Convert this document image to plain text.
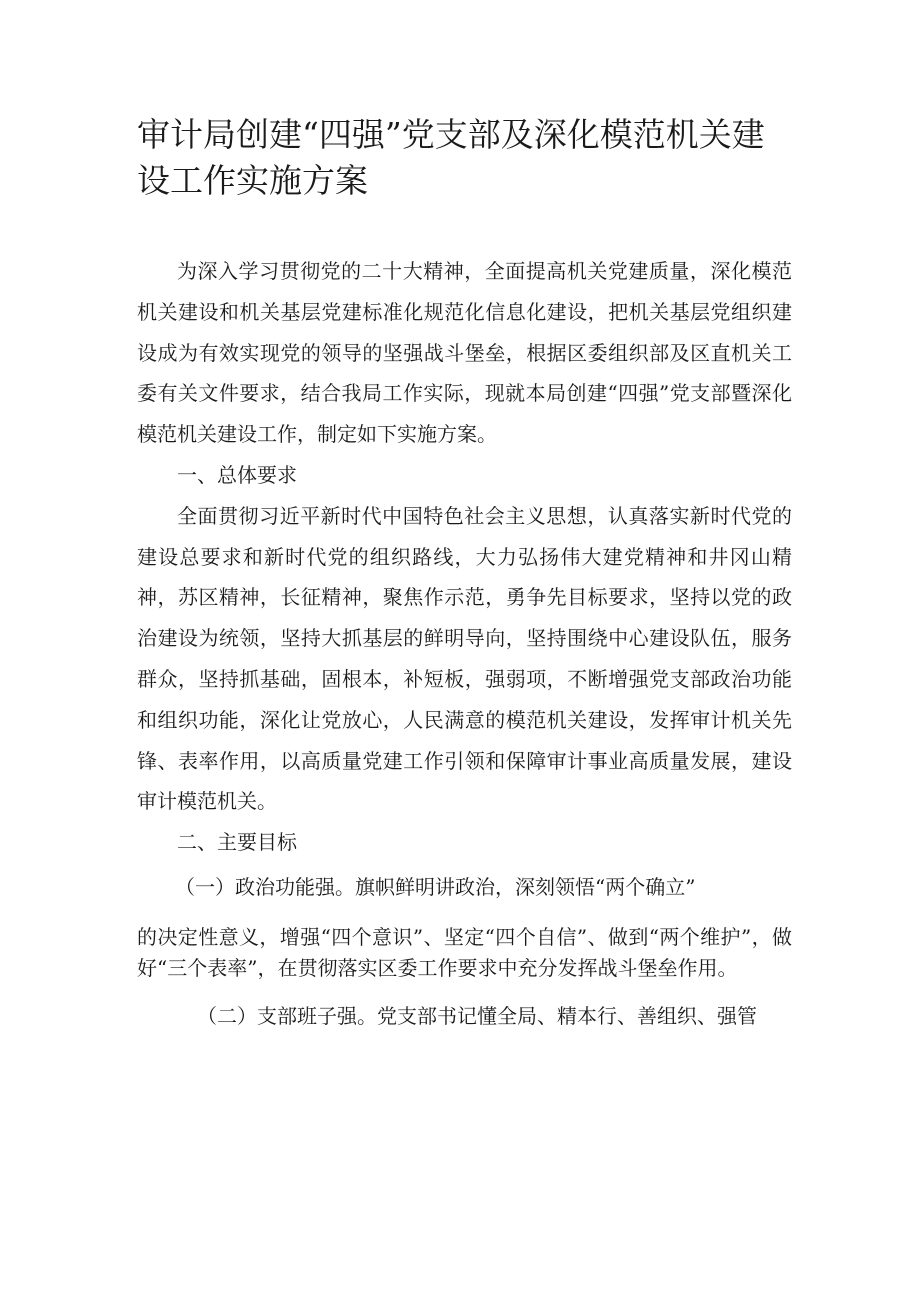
审计局创建“四强”党支部及深化模范机关建设工作实施方案

为深入学习贯彻党的二十大精神，全面提高机关党建质量，深化模范机关建设和机关基层党建标准化规范化信息化建设，把机关基层党组织建设成为有效实现党的领导的坚强战斗堡垒，根据区委组织部及区直机关工委有关文件要求，结合我局工作实际，现就本局创建“四强”党支部暨深化模范机关建设工作，制定如下实施方案。

一、总体要求

全面贯彻习近平新时代中国特色社会主义思想，认真落实新时代党的建设总要求和新时代党的组织路线，大力弘扬伟大建党精神和井冈山精神，苏区精神，长征精神，聚焦作示范，勇争先目标要求，坚持以党的政治建设为统领，坚持大抓基层的鲜明导向，坚持围绕中心建设队伍，服务群众，坚持抓基础，固根本，补短板，强弱项，不断增强党支部政治功能和组织功能，深化让党放心，人民满意的模范机关建设，发挥审计机关先锋、表率作用，以高质量党建工作引领和保障审计事业高质量发展，建设审计模范机关。

二、主要目标

（一）政治功能强。旗帜鲜明讲政治，深刻领悟“两个确立”

的决定性意义，增强“四个意识”、坚定“四个自信”、做到“两个维护”，做好“三个表率”，在贯彻落实区委工作要求中充分发挥战斗堡垒作用。

（二）支部班子强。党支部书记懂全局、精本行、善组织、强管
